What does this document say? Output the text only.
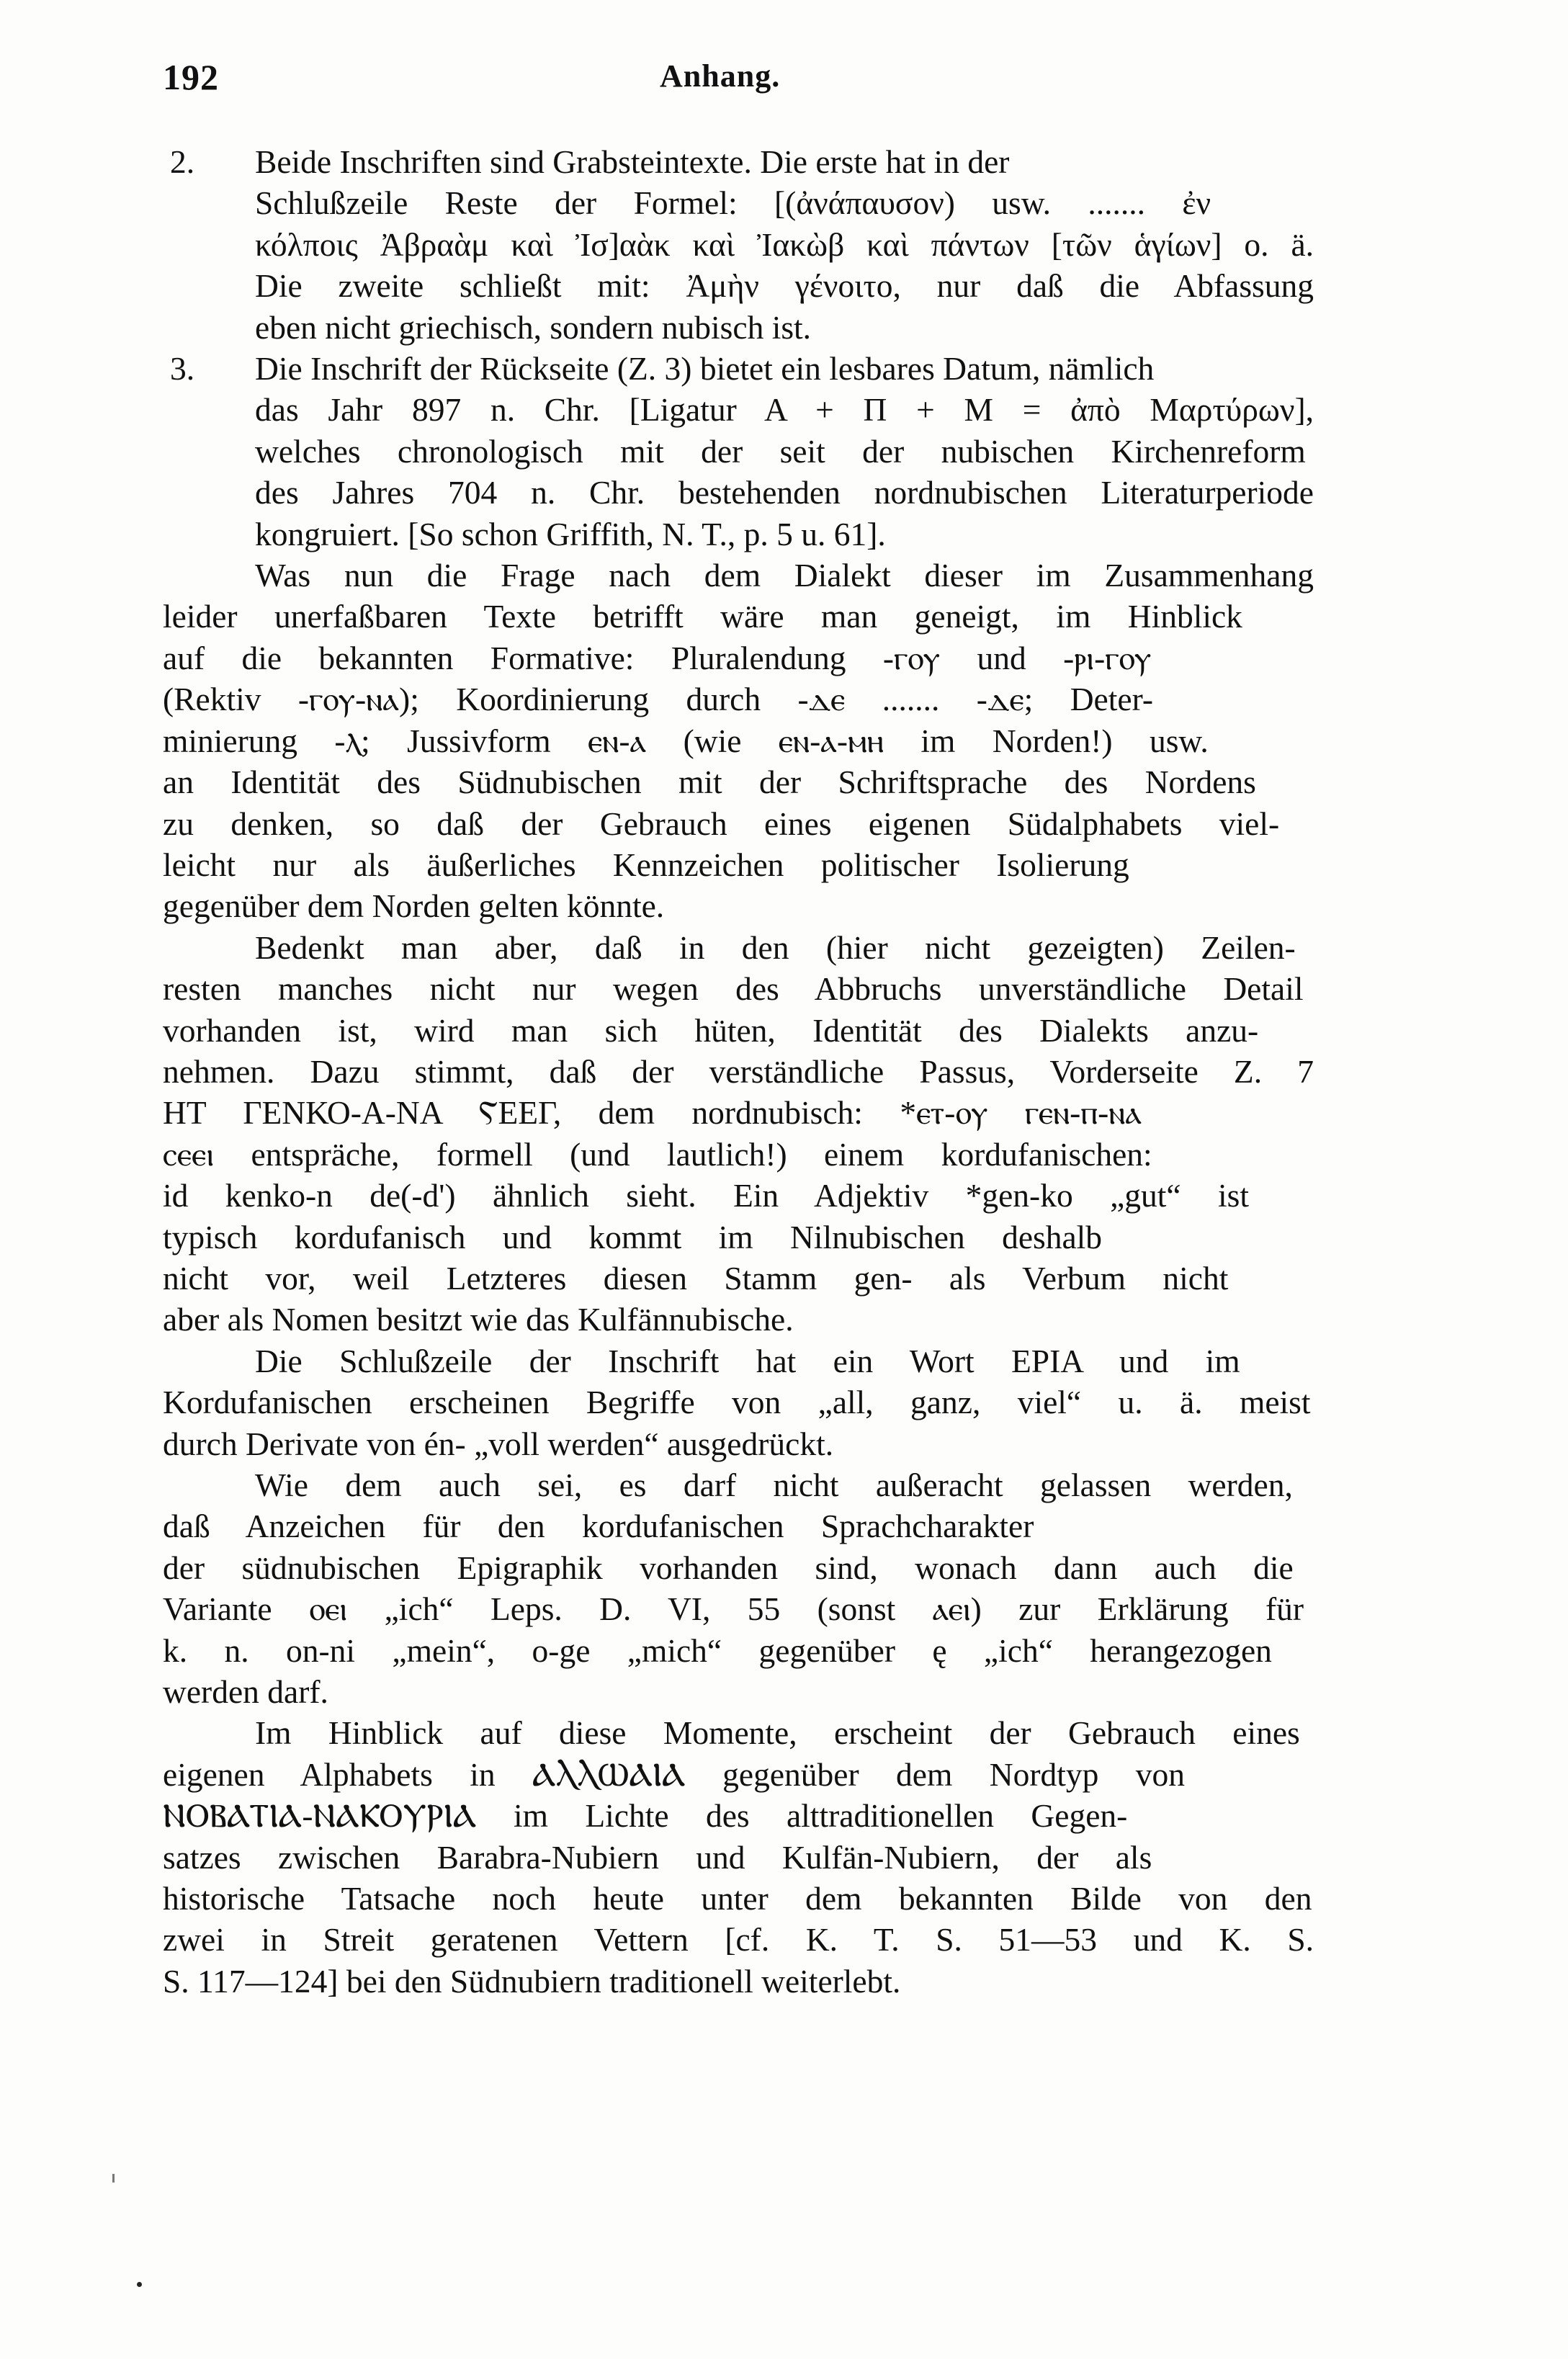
192	Anhang.
2.	Beide Inschriften sind Grabsteintexte. Die erste hat in der
Schlußzeile Reste der Formel: [(ἀνάπαυσον) usw. ....... ἐν
κόλποις Ἀβραὰμ καὶ Ἰσ]αὰκ καὶ Ἰακὼβ καὶ πάντων [τῶν ἁγίων] o. ä.
Die zweite schließt mit: Ἀμὴν γένοιτο, nur daß die Abfassung
eben nicht griechisch, sondern nubisch ist.
3.	Die Inschrift der Rückseite (Z. 3) bietet ein lesbares Datum, nämlich
das Jahr 897 n. Chr. [Ligatur A + Π + M = ἀπὸ Μαρτύρων],
welches chronologisch mit der seit der nubischen Kirchenreform
des Jahres 704 n. Chr. bestehenden nordnubischen Literaturperiode
kongruiert. [So schon Griffith, N. T., p. 5 u. 61].
Was nun die Frage nach dem Dialekt dieser im Zusammenhang
leider unerfaßbaren Texte betrifft wäre man geneigt, im Hinblick
auf die bekannten Formative: Pluralendung -ⲅⲟⲩ und -ⲣⲓ-ⲅⲟⲩ
(Rektiv -ⲅⲟⲩ-ⲛⲁ); Koordinierung durch -ⲇⲉ ....... -ⲇⲉ; Deter-
minierung -ⲗ; Jussivform ⲉⲛ-ⲁ (wie ⲉⲛ-ⲁ-ⲙⲏ im Norden!) usw.
an Identität des Südnubischen mit der Schriftsprache des Nordens
zu denken, so daß der Gebrauch eines eigenen Südalphabets viel-
leicht nur als äußerliches Kennzeichen politischer Isolierung
gegenüber dem Norden gelten könnte.
Bedenkt man aber, daß in den (hier nicht gezeigten) Zeilen-
resten manches nicht nur wegen des Abbruchs unverständliche Detail
vorhanden ist, wird man sich hüten, Identität des Dialekts anzu-
nehmen. Dazu stimmt, daß der verständliche Passus, Vorderseite Z. 7
ΗΤ ΓΕΝΚΟ-Α-ΝΑ ⲊΕΕΓ, dem nordnubisch: *ⲉⲧ-ⲟⲩ ⲅⲉⲛ-ⲡ-ⲛⲁ
ⲥⲉⲉⲓ entspräche, formell (und lautlich!) einem kordufanischen:
id kenko-n de(-d') ähnlich sieht. Ein Adjektiv *gen-ko „gut“ ist
typisch kordufanisch und kommt im Nilnubischen deshalb
nicht vor, weil Letzteres diesen Stamm gen- als Verbum nicht
aber als Nomen besitzt wie das Kulfännubische.
Die Schlußzeile der Inschrift hat ein Wort EPIA und im
Kordufanischen erscheinen Begriffe von „all, ganz, viel“ u. ä. meist
durch Derivate von én- „voll werden“ ausgedrückt.
Wie dem auch sei, es darf nicht außeracht gelassen werden,
daß Anzeichen für den kordufanischen Sprachcharakter
der südnubischen Epigraphik vorhanden sind, wonach dann auch die
Variante ⲟⲉⲓ „ich“ Leps. D. VI, 55 (sonst ⲁⲉⲓ) zur Erklärung für
k. n. on-ni „mein“, o-ge „mich“ gegenüber ę „ich“ herangezogen
werden darf.
Im Hinblick auf diese Momente, erscheint der Gebrauch eines
eigenen Alphabets in ⲀⲖⲖⲰⲀⲒⲀ gegenüber dem Nordtyp von
ⲚⲞⲂⲀⲦⲒⲀ-ⲚⲀⲔⲞⲨⲢⲒⲀ im Lichte des alttraditionellen Gegen-
satzes zwischen Barabra-Nubiern und Kulfän-Nubiern, der als
historische Tatsache noch heute unter dem bekannten Bilde von den
zwei in Streit geratenen Vettern [cf. K. T. S. 51—53 und K. S.
S. 117—124] bei den Südnubiern traditionell weiterlebt.
